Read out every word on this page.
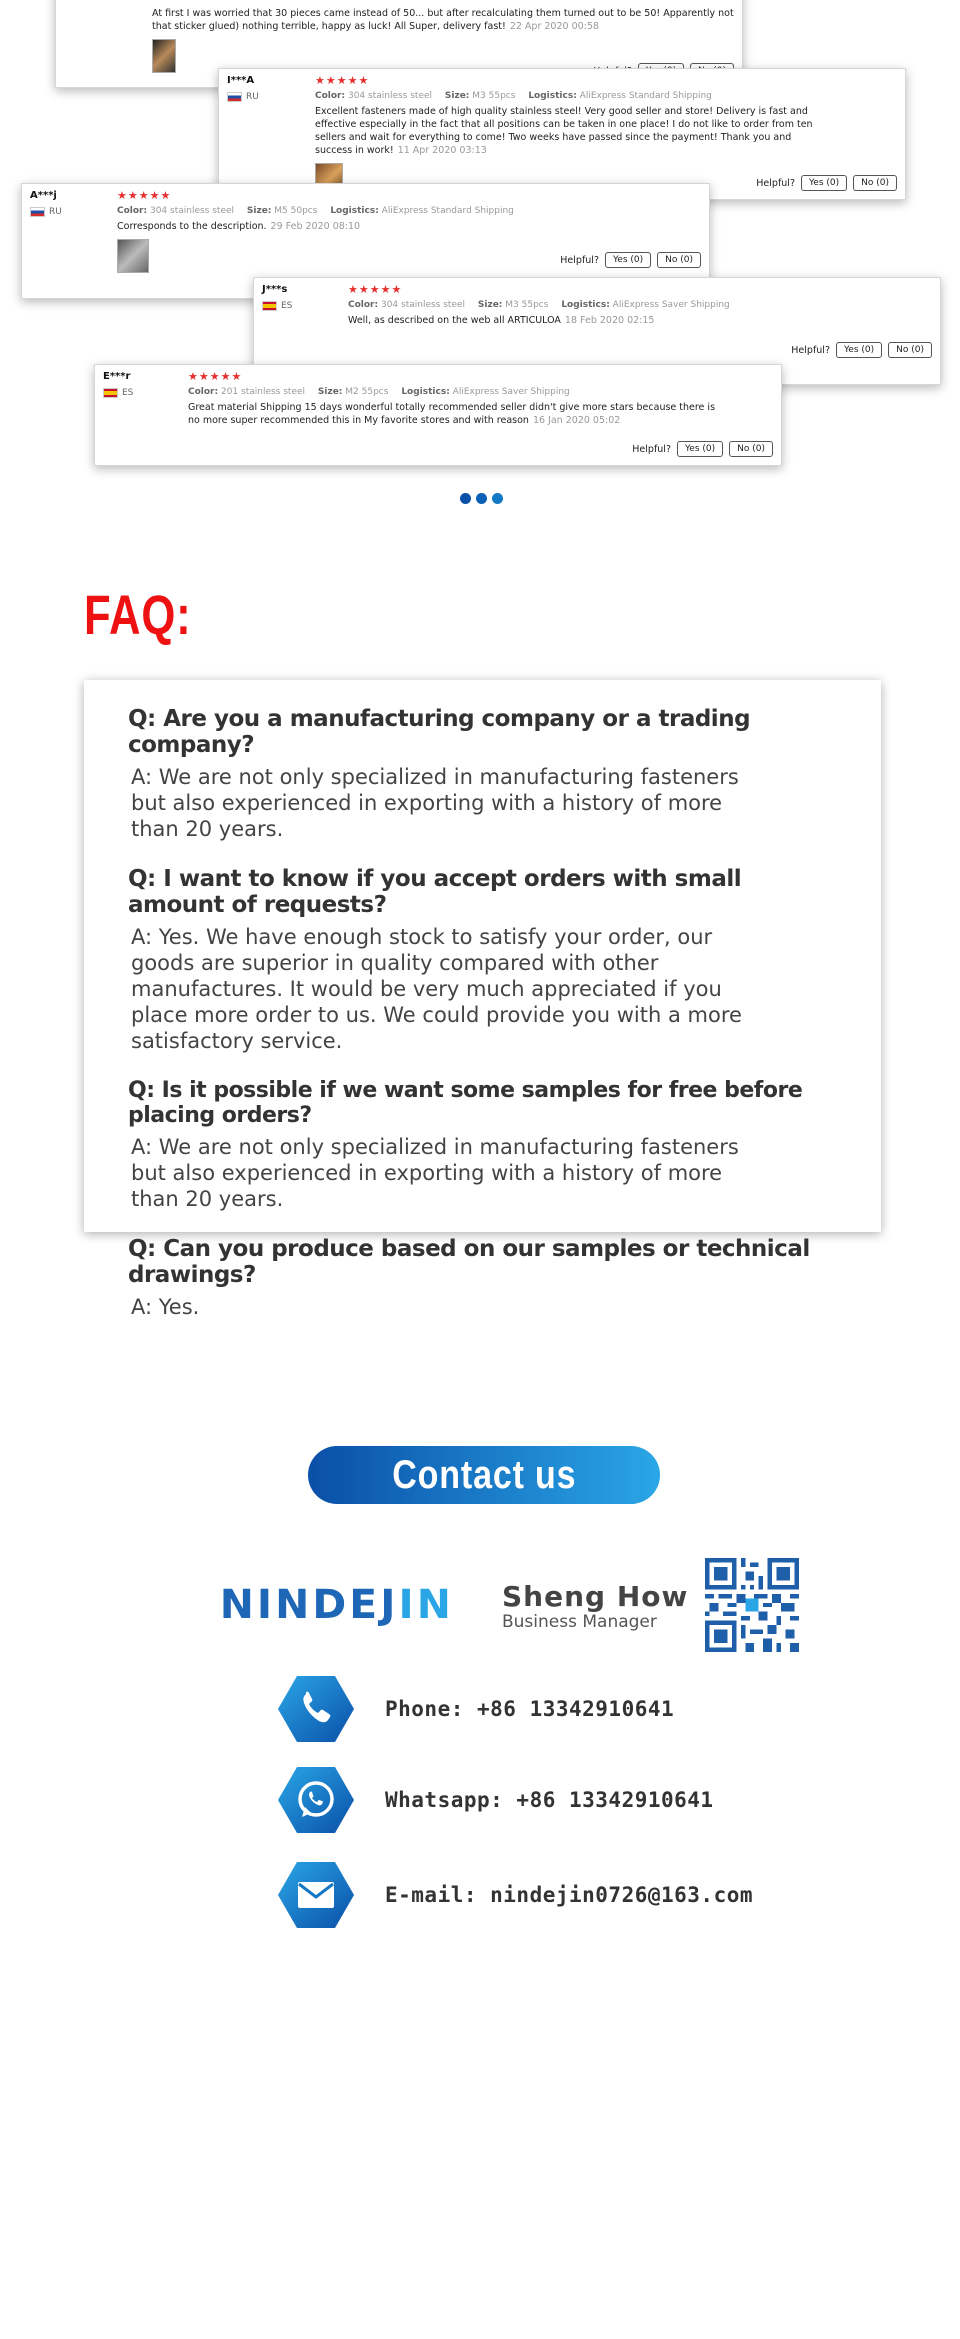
At first I was worried that 30 pieces came instead of 50... but after recalculating them turned out to be 50! Apparently not that sticker glued) nothing terrible, happy as luck! All Super, delivery fast! 22 Apr 2020 00:58
I***A
RU
★★★★★
Color: 304 stainless steel Size: M3 55pcs Logistics: AliExpress Standard Shipping
Excellent fasteners made of high quality stainless steel! Very good seller and store! Delivery is fast and effective especially in the fact that all positions can be taken in one place! I do not like to order from ten sellers and wait for everything to come! Two weeks have passed since the payment! Thank you and success in work! 11 Apr 2020 03:13
Helpful?	Yes (0)	No (0)
A***j
RU
★★★★★
Color: 304 stainless steel Size: M5 50pcs Logistics: AliExpress Standard Shipping
Corresponds to the description. 29 Feb 2020 08:10
Helpful?	Yes (0)	No (0)
J***s
ES
★★★★★
Color: 304 stainless steel Size: M3 55pcs Logistics: AliExpress Saver Shipping
Well, as described on the web all ARTICULOA 18 Feb 2020 02:15
Helpful?	Yes (0)	No (0)
E***r
ES
★★★★★
Color: 201 stainless steel Size: M2 55pcs Logistics: AliExpress Saver Shipping
Great material Shipping 15 days wonderful totally recommended seller didn't give more stars because there is no more super recommended this in My favorite stores and with reason 16 Jan 2020 05:02
Helpful?	Yes (0)	No (0)
FAQ:
Q: Are you a manufacturing company or a trading company?
A: We are not only specialized in manufacturing fasteners but also experienced in exporting with a history of more than 20 years.
Q: I want to know if you accept orders with small amount of requests?
A: Yes. We have enough stock to satisfy your order, our goods are superior in quality compared with other manufactures. It would be very much appreciated if you place more order to us. We could provide you with a more satisfactory service.
Q: Is it possible if we want some samples for free before placing orders?
A: We are not only specialized in manufacturing fasteners but also experienced in exporting with a history of more than 20 years.
Q: Can you produce based on our samples or technical drawings?
A: Yes.
Contact us
NINDEJIN Sheng How
Business Manager
Phone: +86 13342910641
Whatsapp: +86 13342910641
E-mail: nindejin0726@163.com
